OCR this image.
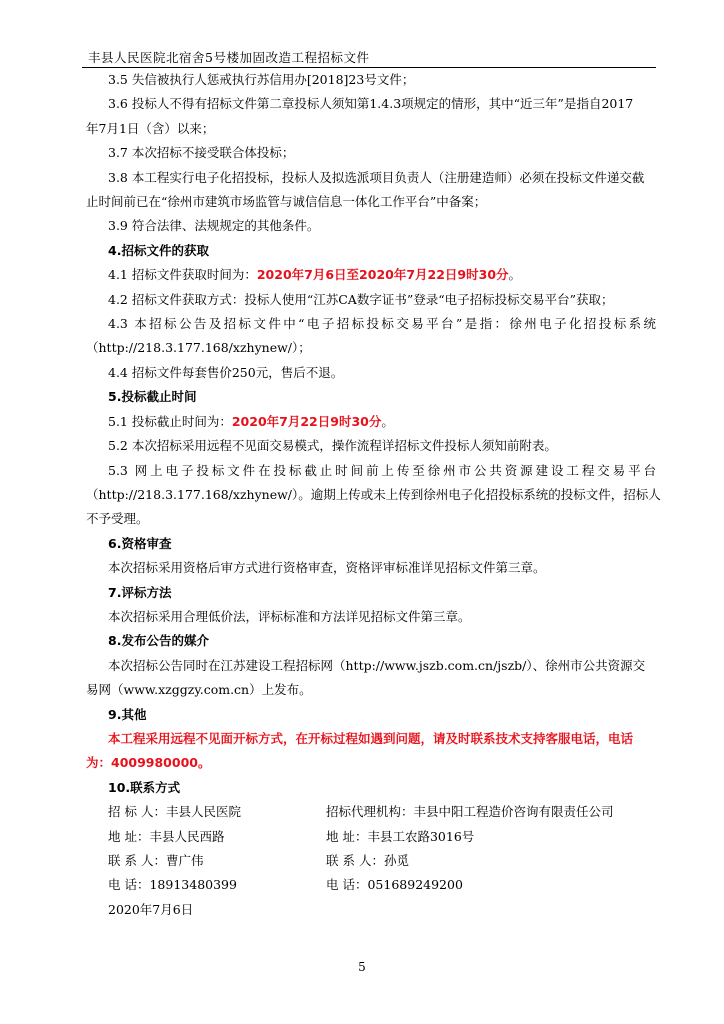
丰县人民医院北宿舍5号楼加固改造工程招标文件

3.5 失信被执行人惩戒执行苏信用办[2018]23号文件；

3.6 投标人不得有招标文件第二章投标人须知第1.4.3项规定的情形，其中“近三年”是指自2017

年7月1日（含）以来；

3.7 本次招标不接受联合体投标；

3.8 本工程实行电子化招投标，投标人及拟选派项目负责人（注册建造师）必须在投标文件递交截

止时间前已在“徐州市建筑市场监管与诚信信息一体化工作平台”中备案；

3.9 符合法律、法规规定的其他条件。

4.招标文件的获取

4.1 招标文件获取时间为：2020年7月6日至2020年7月22日9时30分。

4.2 招标文件获取方式：投标人使用“江苏CA数字证书”登录“电子招标投标交易平台”获取；

4.3 本招标公告及招标文件中“电子招标投标交易平台”是指：徐州电子化招投标系统

（http://218.3.177.168/xzhynew/）；

4.4 招标文件每套售价250元，售后不退。

5.投标截止时间

5.1 投标截止时间为：2020年7月22日9时30分。

5.2 本次招标采用远程不见面交易模式，操作流程详招标文件投标人须知前附表。

5.3 网上电子投标文件在投标截止时间前上传至徐州市公共资源建设工程交易平台

（http://218.3.177.168/xzhynew/）。逾期上传或未上传到徐州电子化招投标系统的投标文件，招标人

不予受理。

6.资格审查

本次招标采用资格后审方式进行资格审查，资格评审标准详见招标文件第三章。

7.评标方法

本次招标采用合理低价法，评标标准和方法详见招标文件第三章。

8.发布公告的媒介

本次招标公告同时在江苏建设工程招标网（http://www.jszb.com.cn/jszb/）、徐州市公共资源交

易网（www.xzggzy.com.cn）上发布。

9.其他

本工程采用远程不见面开标方式，在开标过程如遇到问题，请及时联系技术支持客服电话，电话

为：4009980000。

10.联系方式

招 标 人：丰县人民医院	招标代理机构：丰县中阳工程造价咨询有限责任公司
地 址：丰县人民西路	地 址：丰县工农路3016号
联 系 人：曹广伟	联 系 人：孙觅
电 话：18913480399	电 话：05168924920​0

2020年7月6日

5
